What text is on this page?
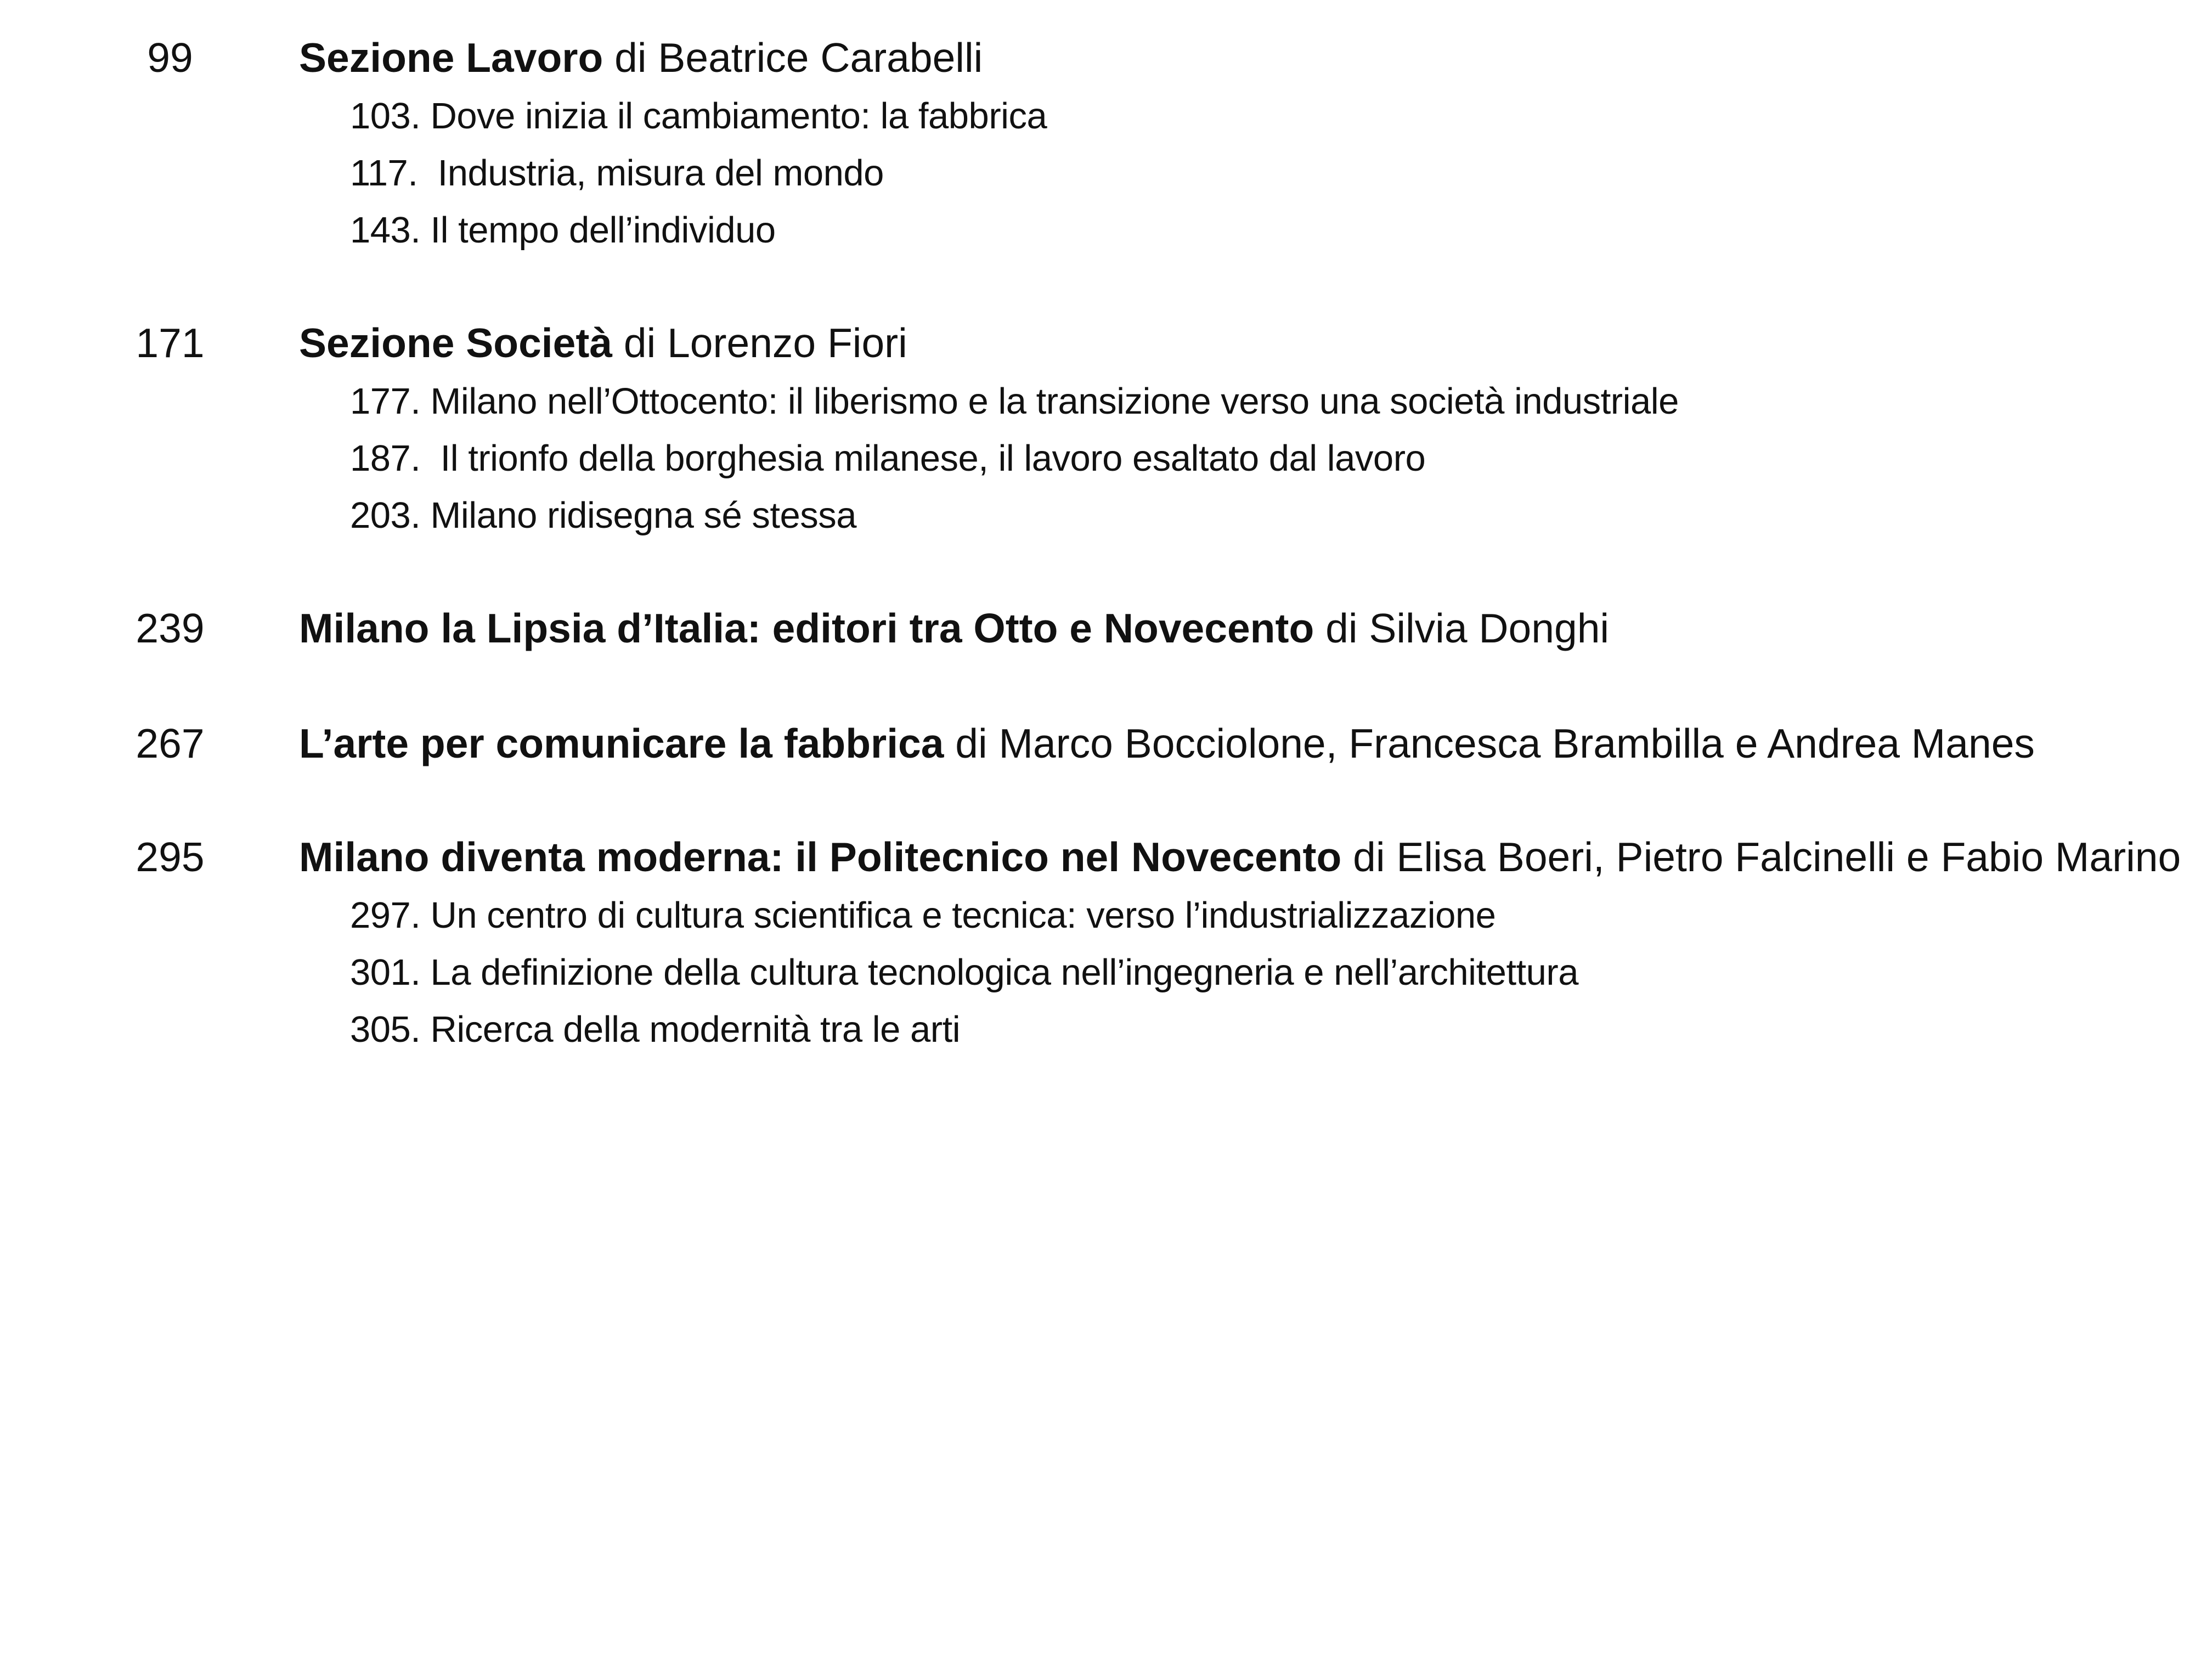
99	Sezione Lavoro di Beatrice Carabelli
103. Dove inizia il cambiamento: la fabbrica
117.  Industria, misura del mondo
143. Il tempo dell’individuo
171	Sezione Società di Lorenzo Fiori
177. Milano nell’Ottocento: il liberismo e la transizione verso una società industriale
187.  Il trionfo della borghesia milanese, il lavoro esaltato dal lavoro
203. Milano ridisegna sé stessa
239	Milano la Lipsia d’Italia: editori tra Otto e Novecento di Silvia Donghi
267	L’arte per comunicare la fabbrica di Marco Bocciolone, Francesca Brambilla e Andrea Manes
295	Milano diventa moderna: il Politecnico nel Novecento di Elisa Boeri, Pietro Falcinelli e Fabio Marino
297. Un centro di cultura scientifica e tecnica: verso l’industrializzazione
301. La definizione della cultura tecnologica nell’ingegneria e nell’architettura
305. Ricerca della modernità tra le arti
